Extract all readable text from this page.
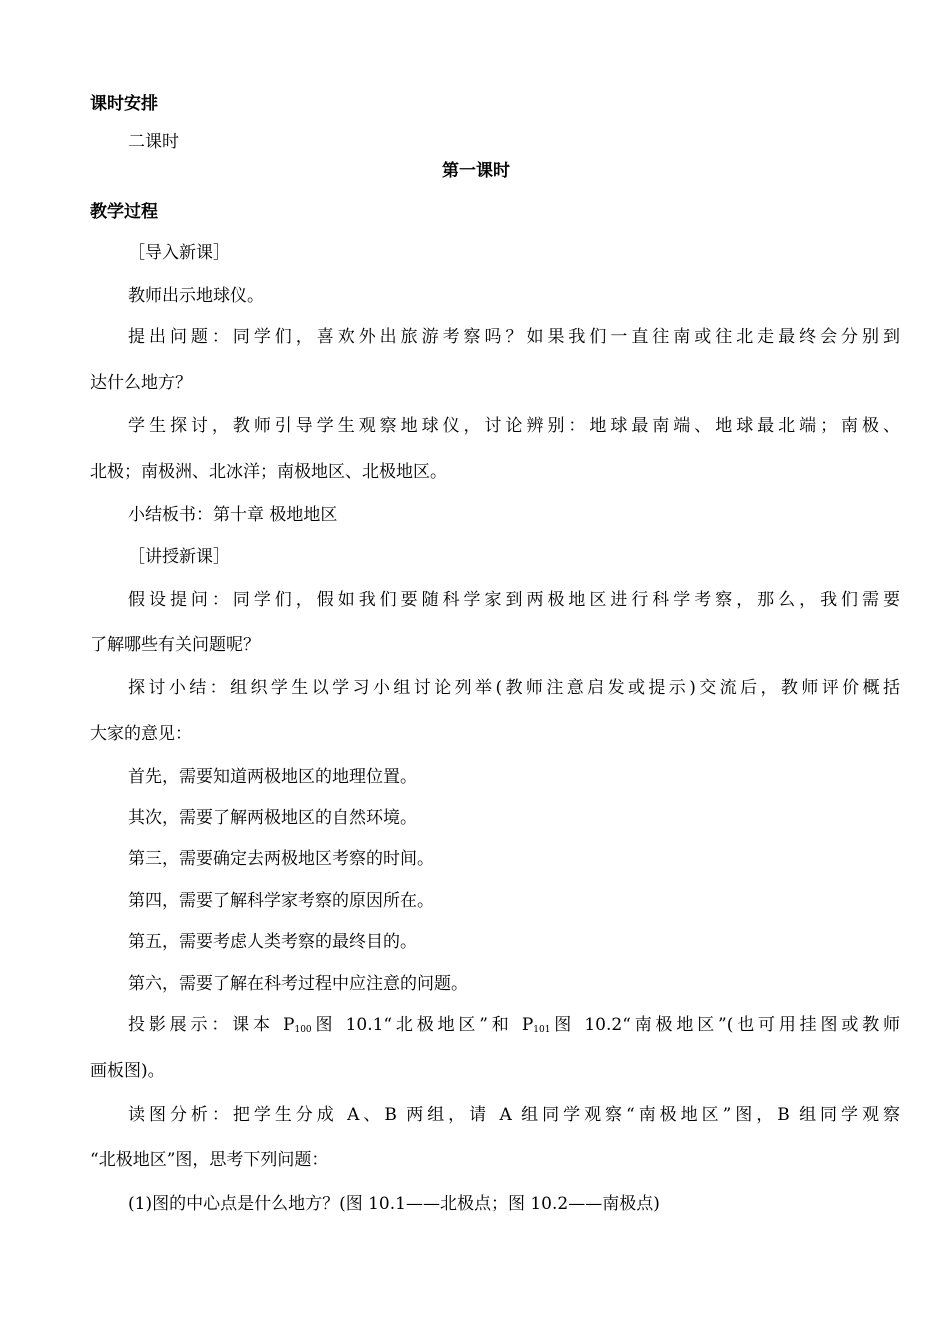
课时安排
二课时
第一课时
教学过程
［导入新课］
教师出示地球仪。
提出问题：同学们，喜欢外出旅游考察吗？如果我们一直往南或往北走最终会分别到
达什么地方？
学生探讨，教师引导学生观察地球仪，讨论辨别：地球最南端、地球最北端；南极、
北极；南极洲、北冰洋；南极地区、北极地区。
小结板书：第十章 极地地区
［讲授新课］
假设提问：同学们，假如我们要随科学家到两极地区进行科学考察，那么，我们需要
了解哪些有关问题呢？
探讨小结：组织学生以学习小组讨论列举(教师注意启发或提示)交流后，教师评价概括
大家的意见：
首先，需要知道两极地区的地理位置。
其次，需要了解两极地区的自然环境。
第三，需要确定去两极地区考察的时间。
第四，需要了解科学家考察的原因所在。
第五，需要考虑人类考察的最终目的。
第六，需要了解在科考过程中应注意的问题。
投影展示：课本 $P_{100}$图 10.1“北极地区”和 $P_{101}$图 10.2“南极地区”(也可用挂图或教师
画板图)。
读图分析：把学生分成 A、B 两组，请 A 组同学观察“南极地区”图，B 组同学观察
“北极地区”图，思考下列问题：
(1)图的中心点是什么地方？(图 10.1——北极点；图 10.2——南极点)
